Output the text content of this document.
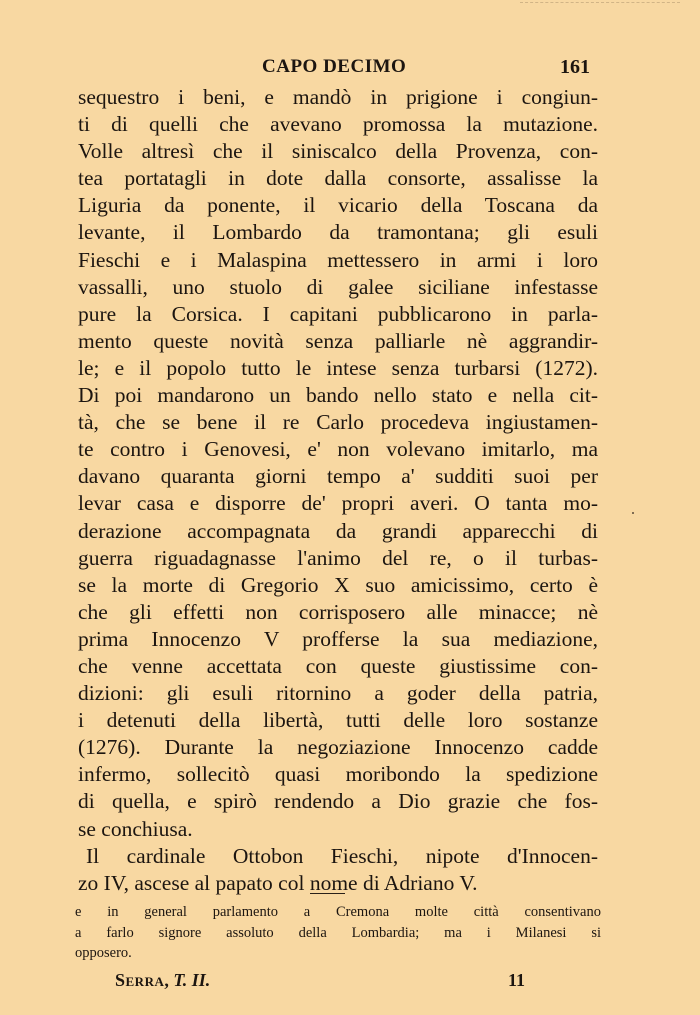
CAPO DECIMO	161
sequestro i beni, e mandò in prigione i congiun-
ti di quelli che avevano promossa la mutazione.
Volle altresì che il siniscalco della Provenza, con-
tea portatagli in dote dalla consorte, assalisse la
Liguria da ponente, il vicario della Toscana da
levante, il Lombardo da tramontana; gli esuli
Fieschi e i Malaspina mettessero in armi i loro
vassalli, uno stuolo di galee siciliane infestasse
pure la Corsica. I capitani pubblicarono in parla-
mento queste novità senza palliarle nè aggrandir-
le; e il popolo tutto le intese senza turbarsi (1272).
Di poi mandarono un bando nello stato e nella cit-
tà, che se bene il re Carlo procedeva ingiustamen-
te contro i Genovesi, e' non volevano imitarlo, ma
davano quaranta giorni tempo a' sudditi suoi per
levar casa e disporre de' propri averi. O tanta mo-
derazione accompagnata da grandi apparecchi di
guerra riguadagnasse l'animo del re, o il turbas-
se la morte di Gregorio X suo amicissimo, certo è
che gli effetti non corrisposero alle minacce; nè
prima Innocenzo V profferse la sua mediazione,
che venne accettata con queste giustissime con-
dizioni: gli esuli ritornino a goder della patria,
i detenuti della libertà, tutti delle loro sostanze
(1276). Durante la negoziazione Innocenzo cadde
infermo, sollecitò quasi moribondo la spedizione
di quella, e spirò rendendo a Dio grazie che fos-
se conchiusa.
Il cardinale Ottobon Fieschi, nipote d'Innocen-
zo IV, ascese al papato col nome di Adriano V.
e in general parlamento a Cremona molte città consentivano
a farlo signore assoluto della Lombardia; ma i Milanesi si
opposero.
Serra, T. II.	11
